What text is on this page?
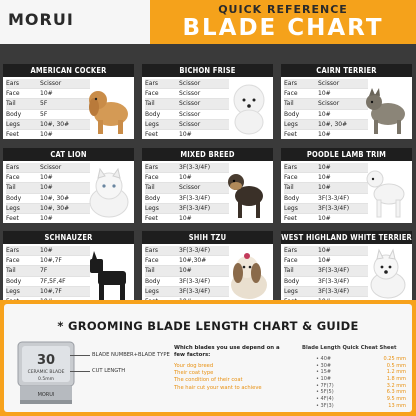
MORUI
QUICK REFERENCE
BLADE CHART
AMERICAN COCKER
Ears	Scissor
Face	10#
Tail	5F
Body	5F
Legs	10#, 30#
Feet	10#
BICHON FRISE
Ears	Scissor
Face	Scissor
Tail	Scissor
Body	Scissor
Legs	Scissor
Feet	10#
CAIRN TERRIER
Ears	Scissor
Face	10#
Tail	Scissor
Body	10#
Legs	10#, 30#
Feet	10#
CAT LION
Ears	Scissor
Face	10#
Tail	10#
Body	10#, 30#
Legs	10#, 30#
Feet	10#
MIXED BREED
Ears	3F(3-3/4F)
Face	10#
Tail	Scissor
Body	3F(3-3/4F)
Legs	3F(3-3/4F)
Feet	10#
POODLE LAMB TRIM
Ears	10#
Face	10#
Tail	10#
Body	3F(3-3/4F)
Legs	3F(3-3/4F)
Feet	10#
SCHNAUZER
Ears	10#
Face	10#,7F
Tail	7F
Body	7F,5F,4F
Legs	10#,7F
SHIH TZU
Ears	3F(3-3/4F)
Face	10#,30#
Tail	10#
Body	3F(3-3/4F)
Legs	3F(3-3/4F)
WEST HIGHLAND WHITE TERRIER
Ears	10#
Face	10#
Tail	3F(3-3/4F)
Body	3F(3-3/4F)
Legs	3F(3-3/4F)
* GROOMING BLADE LENGTH CHART & GUIDE
30
CERAMIC BLADE
0.5mm
MORUI
BLADE NUMBER+BLADE TYPE
CUT LENGTH
Which blades you use depend on a few factors:
Your dog breed
Their coat type
The condition of their coat
The hair cut your want to achieve
Blade Length Quick Cheat Sheet
• 40#	0.25 mm
• 30#	0.5 mm
• 15#	1.2 mm
• 10#	1.8 mm
• 7F(7)	3.2 mm
• 5F(5)	6.3 mm
• 4F(4)	9.5 mm
• 3F(3)	13 mm
